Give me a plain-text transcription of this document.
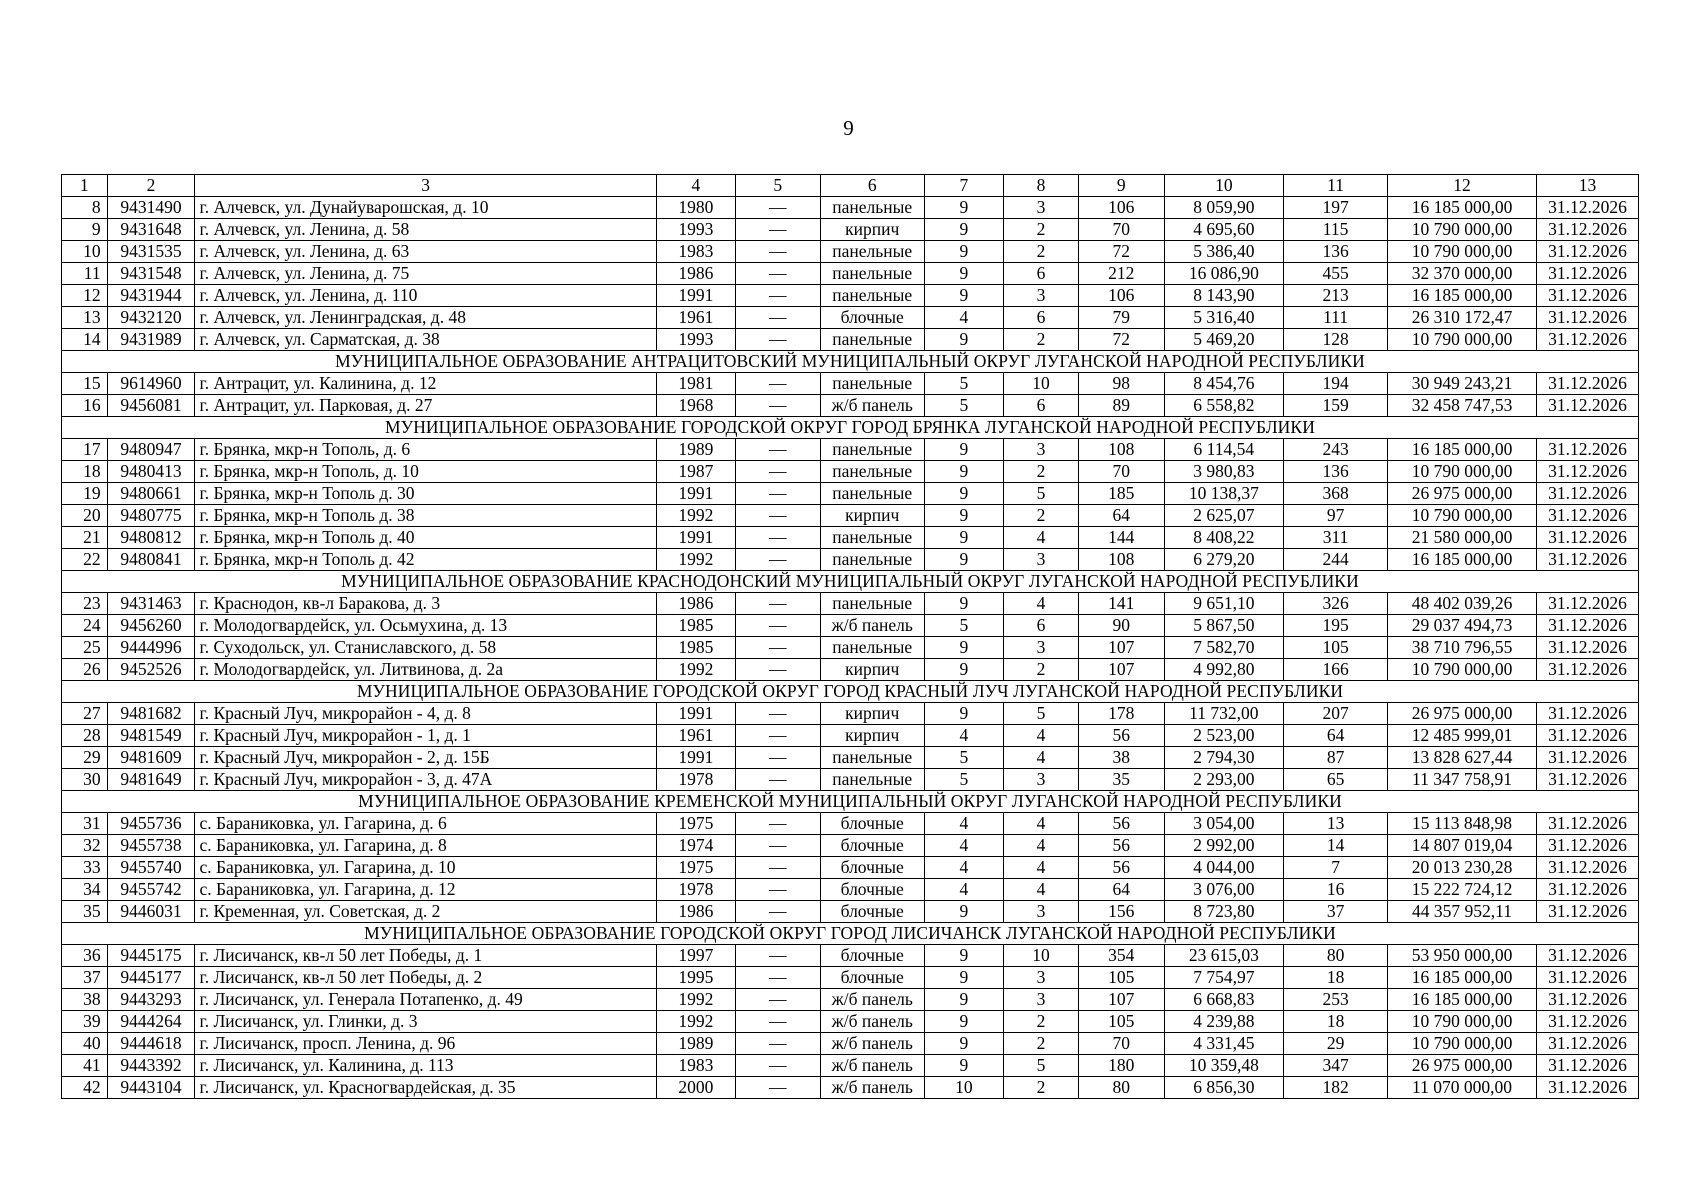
9
1	2	3	4	5	6	7	8	9	10	11	12	13
8	9431490	г. Алчевск, ул. Дунайуварошская, д. 10	1980	—	панельные	9	3	106	8 059,90	197	16 185 000,00	31.12.2026
9	9431648	г. Алчевск, ул. Ленина, д. 58	1993	—	кирпич	9	2	70	4 695,60	115	10 790 000,00	31.12.2026
10	9431535	г. Алчевск, ул. Ленина, д. 63	1983	—	панельные	9	2	72	5 386,40	136	10 790 000,00	31.12.2026
11	9431548	г. Алчевск, ул. Ленина, д. 75	1986	—	панельные	9	6	212	16 086,90	455	32 370 000,00	31.12.2026
12	9431944	г. Алчевск, ул. Ленина, д. 110	1991	—	панельные	9	3	106	8 143,90	213	16 185 000,00	31.12.2026
13	9432120	г. Алчевск, ул. Ленинградская, д. 48	1961	—	блочные	4	6	79	5 316,40	111	26 310 172,47	31.12.2026
14	9431989	г. Алчевск, ул. Сарматская, д. 38	1993	—	панельные	9	2	72	5 469,20	128	10 790 000,00	31.12.2026
МУНИЦИПАЛЬНОЕ ОБРАЗОВАНИЕ АНТРАЦИТОВСКИЙ МУНИЦИПАЛЬНЫЙ ОКРУГ ЛУГАНСКОЙ НАРОДНОЙ РЕСПУБЛИКИ												
15	9614960	г. Антрацит, ул. Калинина, д. 12	1981	—	панельные	5	10	98	8 454,76	194	30 949 243,21	31.12.2026
16	9456081	г. Антрацит, ул. Парковая, д. 27	1968	—	ж/б панель	5	6	89	6 558,82	159	32 458 747,53	31.12.2026
МУНИЦИПАЛЬНОЕ ОБРАЗОВАНИЕ ГОРОДСКОЙ ОКРУГ ГОРОД БРЯНКА ЛУГАНСКОЙ НАРОДНОЙ РЕСПУБЛИКИ												
17	9480947	г. Брянка, мкр-н Тополь, д. 6	1989	—	панельные	9	3	108	6 114,54	243	16 185 000,00	31.12.2026
18	9480413	г. Брянка, мкр-н Тополь, д. 10	1987	—	панельные	9	2	70	3 980,83	136	10 790 000,00	31.12.2026
19	9480661	г. Брянка, мкр-н Тополь д. 30	1991	—	панельные	9	5	185	10 138,37	368	26 975 000,00	31.12.2026
20	9480775	г. Брянка, мкр-н Тополь д. 38	1992	—	кирпич	9	2	64	2 625,07	97	10 790 000,00	31.12.2026
21	9480812	г. Брянка, мкр-н Тополь д. 40	1991	—	панельные	9	4	144	8 408,22	311	21 580 000,00	31.12.2026
22	9480841	г. Брянка, мкр-н Тополь д. 42	1992	—	панельные	9	3	108	6 279,20	244	16 185 000,00	31.12.2026
МУНИЦИПАЛЬНОЕ ОБРАЗОВАНИЕ КРАСНОДОНСКИЙ МУНИЦИПАЛЬНЫЙ ОКРУГ ЛУГАНСКОЙ НАРОДНОЙ РЕСПУБЛИКИ												
23	9431463	г. Краснодон, кв-л Баракова, д. 3	1986	—	панельные	9	4	141	9 651,10	326	48 402 039,26	31.12.2026
24	9456260	г. Молодогвардейск, ул. Осьмухина, д. 13	1985	—	ж/б панель	5	6	90	5 867,50	195	29 037 494,73	31.12.2026
25	9444996	г. Суходольск, ул. Станиславского, д. 58	1985	—	панельные	9	3	107	7 582,70	105	38 710 796,55	31.12.2026
26	9452526	г. Молодогвардейск, ул. Литвинова, д. 2а	1992	—	кирпич	9	2	107	4 992,80	166	10 790 000,00	31.12.2026
МУНИЦИПАЛЬНОЕ ОБРАЗОВАНИЕ ГОРОДСКОЙ ОКРУГ ГОРОД КРАСНЫЙ ЛУЧ ЛУГАНСКОЙ НАРОДНОЙ РЕСПУБЛИКИ												
27	9481682	г. Красный Луч, микрорайон - 4, д. 8	1991	—	кирпич	9	5	178	11 732,00	207	26 975 000,00	31.12.2026
28	9481549	г. Красный Луч, микрорайон - 1, д. 1	1961	—	кирпич	4	4	56	2 523,00	64	12 485 999,01	31.12.2026
29	9481609	г. Красный Луч, микрорайон - 2, д. 15Б	1991	—	панельные	5	4	38	2 794,30	87	13 828 627,44	31.12.2026
30	9481649	г. Красный Луч, микрорайон - 3, д. 47А	1978	—	панельные	5	3	35	2 293,00	65	11 347 758,91	31.12.2026
МУНИЦИПАЛЬНОЕ ОБРАЗОВАНИЕ КРЕМЕНСКОЙ МУНИЦИПАЛЬНЫЙ ОКРУГ ЛУГАНСКОЙ НАРОДНОЙ РЕСПУБЛИКИ												
31	9455736	с. Бараниковка, ул. Гагарина, д. 6	1975	—	блочные	4	4	56	3 054,00	13	15 113 848,98	31.12.2026
32	9455738	с. Бараниковка, ул. Гагарина, д. 8	1974	—	блочные	4	4	56	2 992,00	14	14 807 019,04	31.12.2026
33	9455740	с. Бараниковка, ул. Гагарина, д. 10	1975	—	блочные	4	4	56	4 044,00	7	20 013 230,28	31.12.2026
34	9455742	с. Бараниковка, ул. Гагарина, д. 12	1978	—	блочные	4	4	64	3 076,00	16	15 222 724,12	31.12.2026
35	9446031	г. Кременная, ул. Советская, д. 2	1986	—	блочные	9	3	156	8 723,80	37	44 357 952,11	31.12.2026
МУНИЦИПАЛЬНОЕ ОБРАЗОВАНИЕ ГОРОДСКОЙ ОКРУГ ГОРОД ЛИСИЧАНСК ЛУГАНСКОЙ НАРОДНОЙ РЕСПУБЛИКИ												
36	9445175	г. Лисичанск, кв-л 50 лет Победы, д. 1	1997	—	блочные	9	10	354	23 615,03	80	53 950 000,00	31.12.2026
37	9445177	г. Лисичанск, кв-л 50 лет Победы, д. 2	1995	—	блочные	9	3	105	7 754,97	18	16 185 000,00	31.12.2026
38	9443293	г. Лисичанск, ул. Генерала Потапенко, д. 49	1992	—	ж/б панель	9	3	107	6 668,83	253	16 185 000,00	31.12.2026
39	9444264	г. Лисичанск, ул. Глинки, д. 3	1992	—	ж/б панель	9	2	105	4 239,88	18	10 790 000,00	31.12.2026
40	9444618	г. Лисичанск, просп. Ленина, д. 96	1989	—	ж/б панель	9	2	70	4 331,45	29	10 790 000,00	31.12.2026
41	9443392	г. Лисичанск, ул. Калинина, д. 113	1983	—	ж/б панель	9	5	180	10 359,48	347	26 975 000,00	31.12.2026
42	9443104	г. Лисичанск, ул. Красногвардейская, д. 35	2000	—	ж/б панель	10	2	80	6 856,30	182	11 070 000,00	31.12.2026
